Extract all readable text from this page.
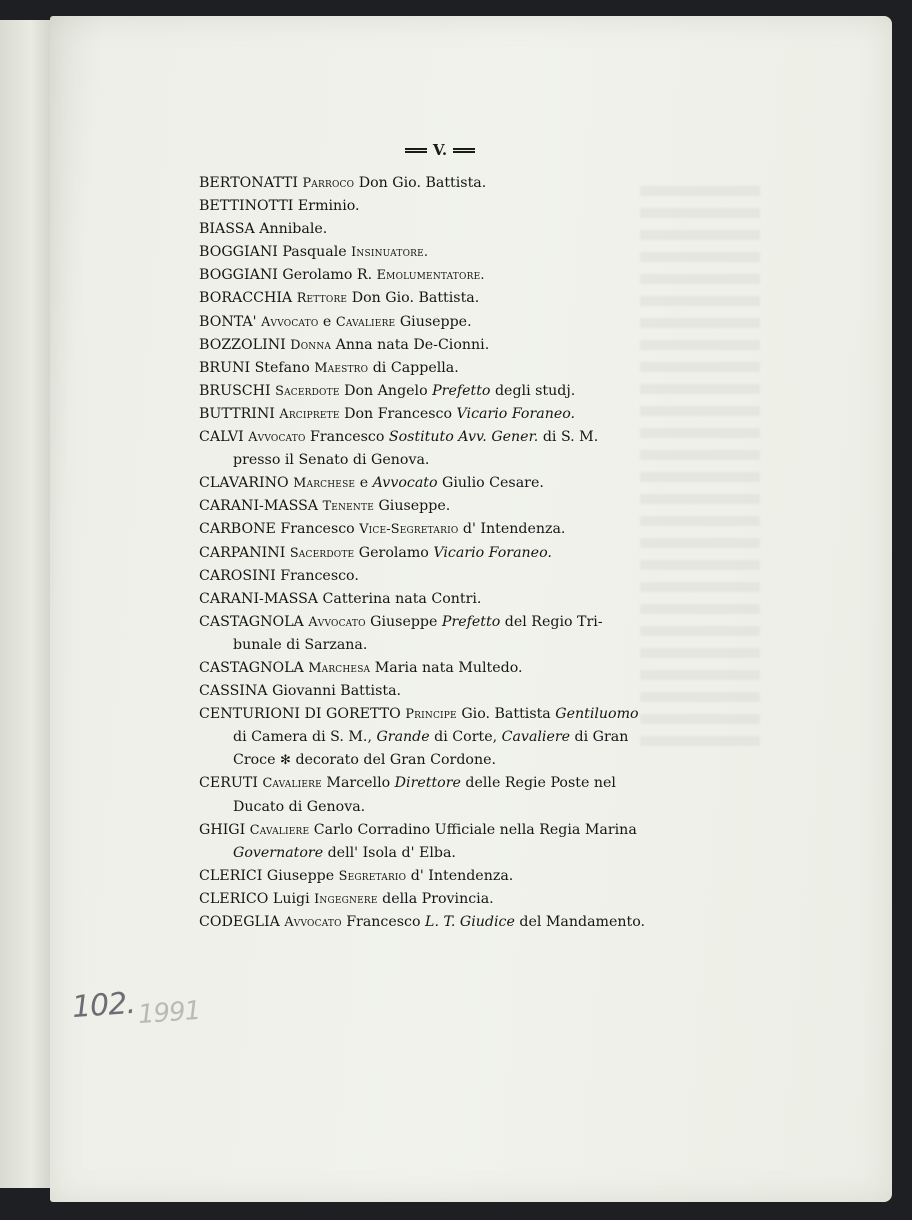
V.
BERTONATTI Parroco Don Gio. Battista.
BETTINOTTI Erminio.
BIASSA Annibale.
BOGGIANI Pasquale Insinuatore.
BOGGIANI Gerolamo R. Emolumentatore.
BORACCHIA Rettore Don Gio. Battista.
BONTA' Avvocato e Cavaliere Giuseppe.
BOZZOLINI Donna Anna nata De-Cionni.
BRUNI Stefano Maestro di Cappella.
BRUSCHI Sacerdote Don Angelo Prefetto degli studj.
BUTTRINI Arciprete Don Francesco Vicario Foraneo.
CALVI Avvocato Francesco Sostituto Avv. Gener. di S. M.
presso il Senato di Genova.
CLAVARINO Marchese e Avvocato Giulio Cesare.
CARANI-MASSA Tenente Giuseppe.
CARBONE Francesco Vice-Segretario d' Intendenza.
CARPANINI Sacerdote Gerolamo Vicario Foraneo.
CAROSINI Francesco.
CARANI-MASSA Catterina nata Contri.
CASTAGNOLA Avvocato Giuseppe Prefetto del Regio Tri-
bunale di Sarzana.
CASTAGNOLA Marchesa Maria nata Multedo.
CASSINA Giovanni Battista.
CENTURIONI DI GORETTO Principe Gio. Battista Gentiluomo
di Camera di S. M., Grande di Corte, Cavaliere di Gran
Croce ✻ decorato del Gran Cordone.
CERUTI Cavaliere Marcello Direttore delle Regie Poste nel
Ducato di Genova.
GHIGI Cavaliere Carlo Corradino Ufficiale nella Regia Marina
Governatore dell' Isola d' Elba.
CLERICI Giuseppe Segretario d' Intendenza.
CLERICO Luigi Ingegnere della Provincia.
CODEGLIA Avvocato Francesco L. T. Giudice del Mandamento.
102. 1991
